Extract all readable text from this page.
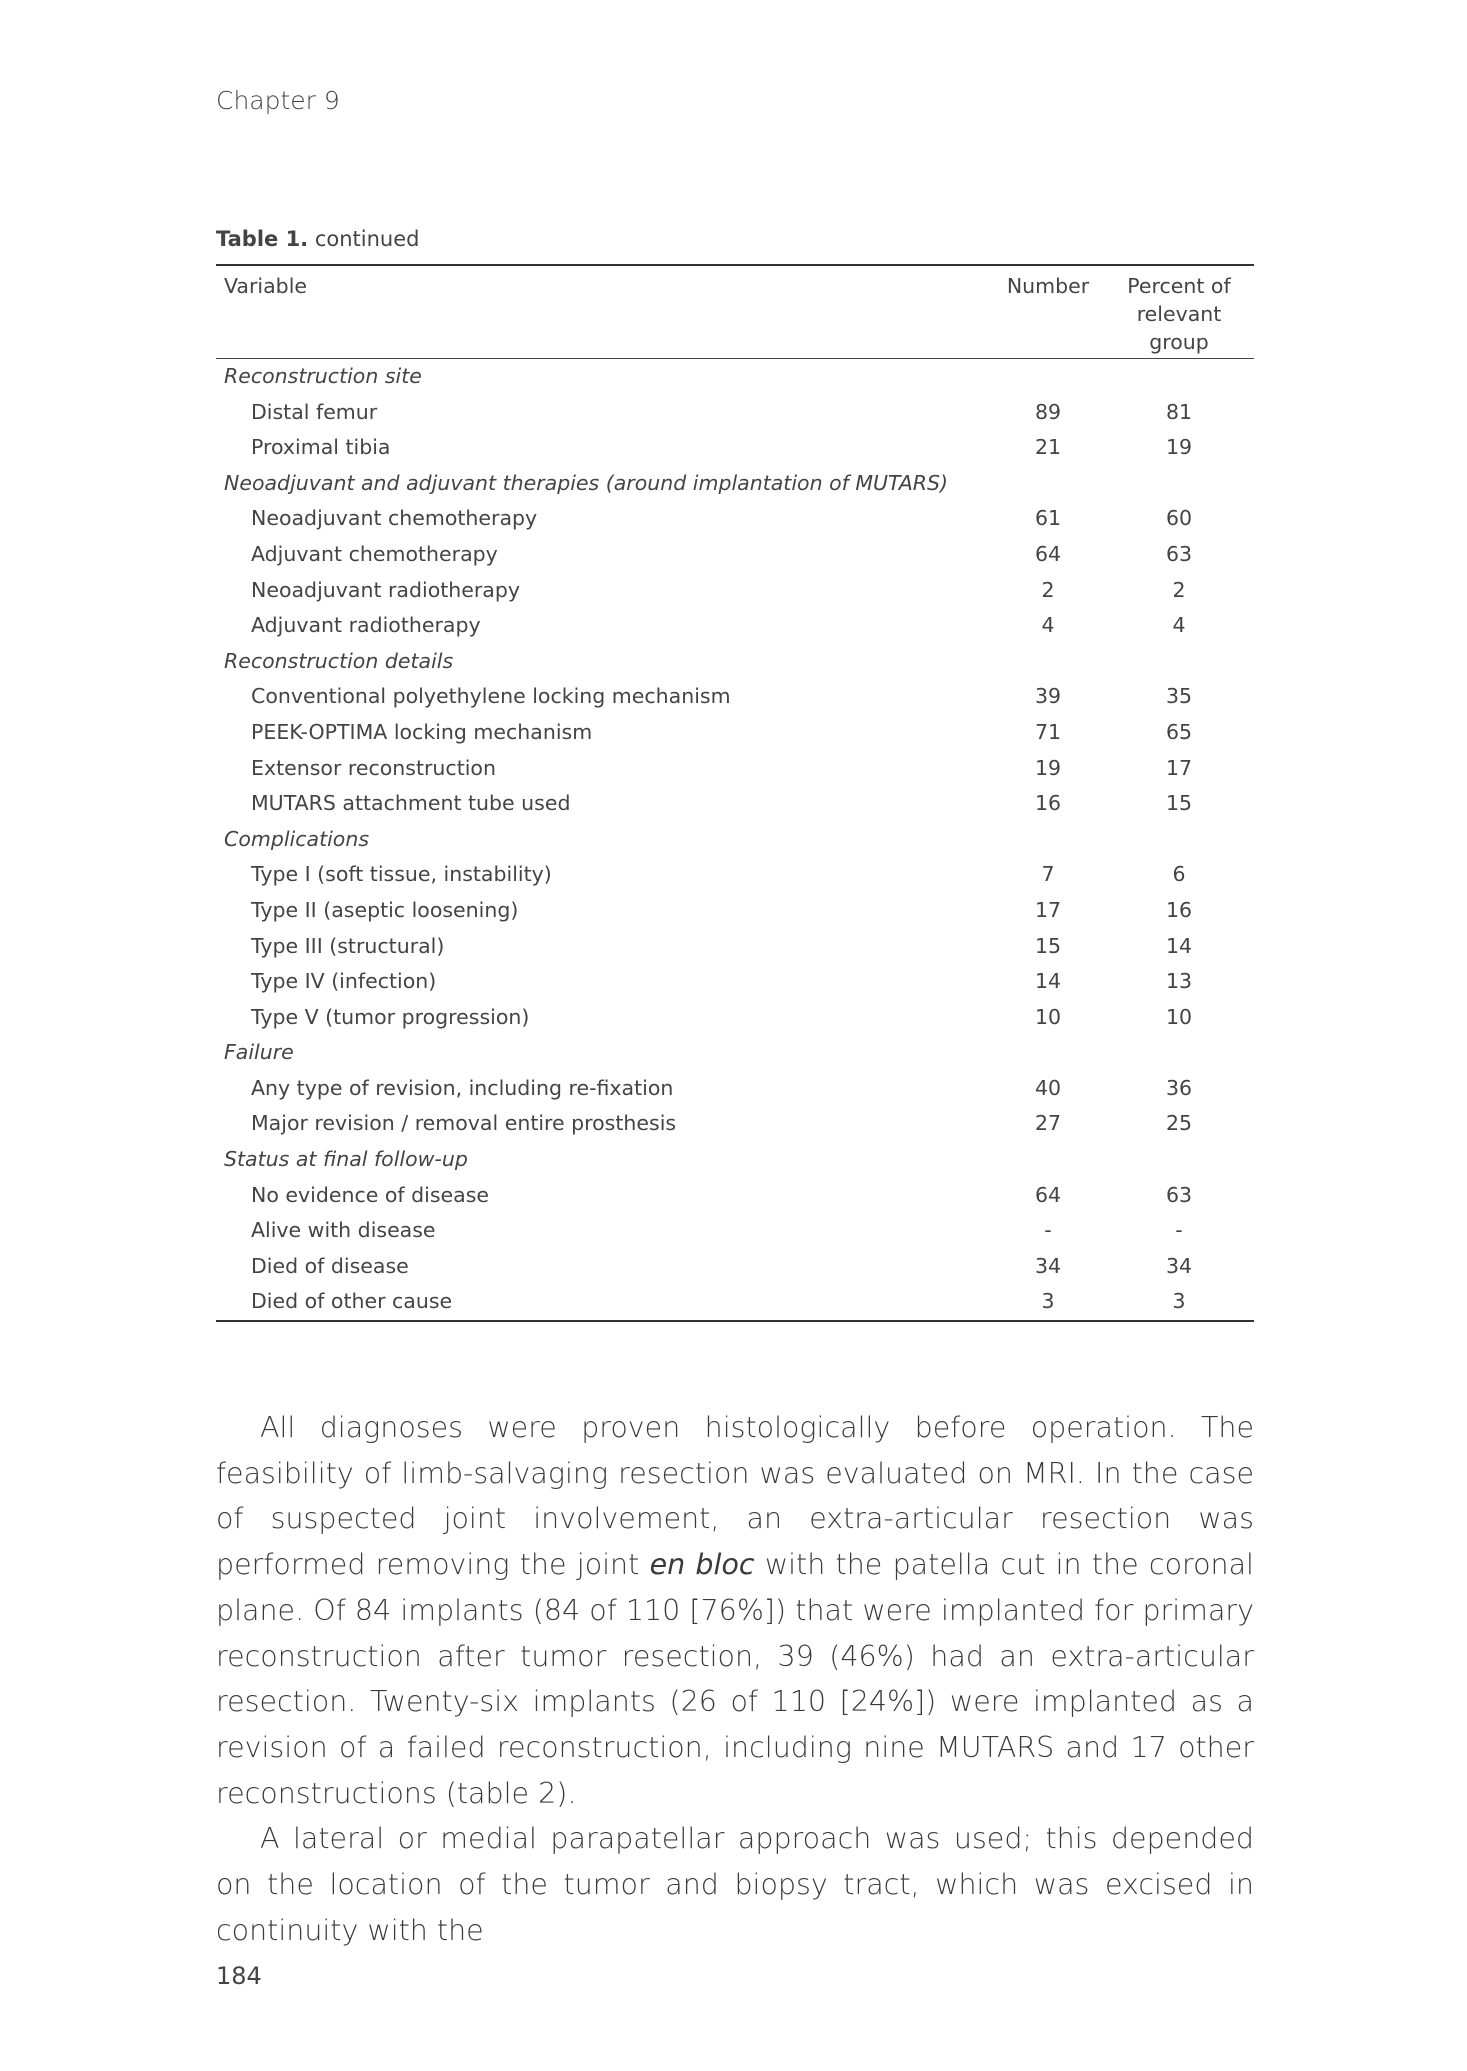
Chapter 9
Table 1. continued
Variable	Number	Percent of relevant group
Reconstruction site		
Distal femur	89	81
Proximal tibia	21	19
Neoadjuvant and adjuvant therapies (around implantation of MUTARS)		
Neoadjuvant chemotherapy	61	60
Adjuvant chemotherapy	64	63
Neoadjuvant radiotherapy	2	2
Adjuvant radiotherapy	4	4
Reconstruction details		
Conventional polyethylene locking mechanism	39	35
PEEK-OPTIMA locking mechanism	71	65
Extensor reconstruction	19	17
MUTARS attachment tube used	16	15
Complications		
Type I (soft tissue, instability)	7	6
Type II (aseptic loosening)	17	16
Type III (structural)	15	14
Type IV (infection)	14	13
Type V (tumor progression)	10	10
Failure		
Any type of revision, including re-fixation	40	36
Major revision / removal entire prosthesis	27	25
Status at final follow-up		
No evidence of disease	64	63
Alive with disease	-	-
Died of disease	34	34
Died of other cause	3	3

All diagnoses were proven histologically before operation. The feasibility of limb-salvaging resection was evaluated on MRI. In the case of suspected joint involvement, an extra-articular resection was performed removing the joint en bloc with the patella cut in the coronal plane. Of 84 implants (84 of 110 [76%]) that were implanted for primary reconstruction after tumor resection, 39 (46%) had an extra-articular resection. Twenty-six implants (26 of 110 [24%]) were implanted as a revision of a failed reconstruction, including nine MUTARS and 17 other reconstructions (table 2).

A lateral or medial parapatellar approach was used; this depended on the location of the tumor and biopsy tract, which was excised in continuity with the

184
